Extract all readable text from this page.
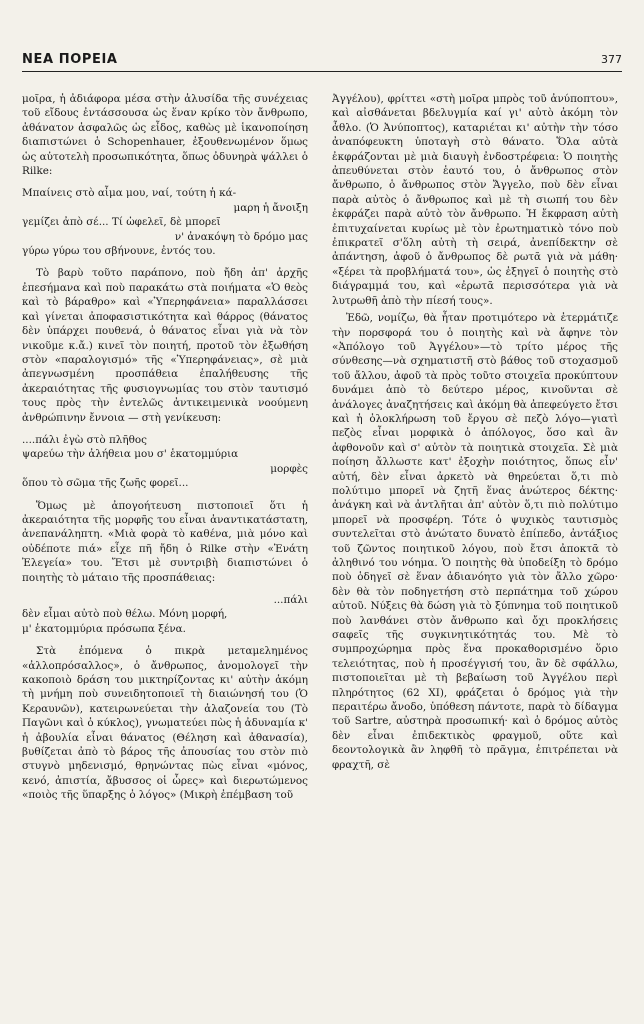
ΝΕΑ ΠΟΡΕΙΑ	377

μοῖρα, ἡ ἀδιάφορα μέσα στὴν ἁλυσίδα τῆς συνέχειας τοῦ εἴδους ἐντάσσουσα ὡς ἕναν κρίκο τὸν ἄνθρωπο, ἀθάνατον ἀσφαλῶς ὡς εἶδος, καθὼς μὲ ἱκανοποίηση διαπιστώνει ὁ Schopenhauer, ἐξουθενωμένον ὅμως ὡς αὐτοτελὴ προσωπικότητα, ὅπως ὀδυνηρὰ ψάλλει ὁ Rilke:

Μπαίνεις στὸ αἷμα μου, ναί, τούτη ἡ κά-

μαρη ἡ ἄνοιξη

γεμίζει ἀπὸ σέ... Τί ὠφελεῖ, δὲ μπορεῖ

ν' ἀνακόψη τὸ δρόμο μας

γύρω γύρω του σβήνουνε, ἐντός του.

Τὸ βαρὺ τοῦτο παράπονο, ποὺ ἤδη ἀπ' ἀρχῆς ἐπεσήμανα καὶ ποὺ παρακάτω στὰ ποιήματα «Ὁ θεὸς καὶ τὸ βάραθρο» καὶ «Ὑπερηφάνεια» παραλλάσσει καὶ γίνεται ἀποφασιστικότητα καὶ θάρρος (θάνατος δὲν ὑπάρχει πουθενά, ὁ θάνατος εἶναι γιὰ νὰ τὸν νικοῦμε κ.ἄ.) κινεῖ τὸν ποιητή, προτοῦ τὸν ἐξωθήση στὸν «παραλογισμό» τῆς «Ὑπερηφάνειας», σὲ μιὰ ἀπεγνωσμένη προσπάθεια ἐπαλήθευσης τῆς ἀκεραιότητας τῆς φυσιογνωμίας του στὸν ταυτισμό τους πρὸς τὴν ἐντελῶς ἀντικειμενικὰ νοούμενη ἀνθρώπινην ἔννοια — στὴ γενίκευση:

....πάλι ἐγὼ στὸ πλῆθος

ψαρεύω τὴν ἀλήθεια μου σ' ἑκατομμύρια

μορφὲς

ὅπου τὸ σῶμα τῆς ζωῆς φορεῖ...

Ὅμως μὲ ἀπογοήτευση πιστοποιεῖ ὅτι ἡ ἀκεραιότητα τῆς μορφῆς του εἶναι ἀναντικατάστατη, ἀνεπανάληπτη. «Μιὰ φορὰ τὸ καθένα, μιὰ μόνο καὶ οὐδέποτε πιά» εἶχε πῆ ἤδη ὁ Rilke στὴν «Ἐνάτη Ἐλεγεία» του. Ἔτσι μὲ συντριβὴ διαπιστώνει ὁ ποιητὴς τὸ μάταιο τῆς προσπάθειας:

...πάλι

δὲν εἶμαι αὐτὸ ποὺ θέλω. Μόνη μορφή,

μ' ἑκατομμύρια πρόσωπα ξένα.

Στὰ ἑπόμενα ὁ πικρὰ μεταμελημένος «ἀλλοπρόσαλλος», ὁ ἄνθρωπος, ἀνομολογεῖ τὴν κακοποιὸ δράση του μικτηρίζοντας κι' αὐτὴν ἀκόμη τὴ μνήμη ποὺ συνειδητοποιεῖ τὴ διαιώνησή του (Ὁ Κεραυνῶν), κατειρωνεύεται τὴν ἀλαζονεία του (Τὸ Παγῶνι καὶ ὁ κύκλος), γνωματεύει πὼς ἡ ἀδυναμία κ' ἡ ἀβουλία εἶναι θάνατος (Θέληση καὶ ἀθανασία), βυθίζεται ἀπὸ τὸ βάρος τῆς ἀπουσίας του στὸν πιὸ στυγνὸ μηδενισμό, θρηνώντας πὼς εἶναι «μόνος, κενό, ἀπιστία, ἄβυσσος οἱ ὧρες» καὶ διερωτώμενος «ποιὸς τῆς ὕπαρξης ὁ λόγος» (Μικρὴ ἐπέμβαση τοῦ

Ἀγγέλου), φρίττει «στὴ μοῖρα μπρὸς τοῦ ἀνύποπτου», καὶ αἰσθάνεται βδελυγμία καί γι' αὐτὸ ἀκόμη τὸν ἆθλο. (Ὁ Ἀνύποπτος), καταριέται κι' αὐτὴν τὴν τόσο ἀναπόφευκτη ὑποταγὴ στὸ θάνατο. Ὅλα αὐτὰ ἐκφράζονται μὲ μιὰ διαυγὴ ἐνδοστρέφεια: Ὁ ποιητὴς ἀπευθύνεται στὸν ἑαυτό του, ὁ ἄνθρωπος στὸν ἄνθρωπο, ὁ ἄνθρωπος στὸν Ἄγγελο, ποὺ δὲν εἶναι παρὰ αὐτὸς ὁ ἄνθρωπος καὶ μὲ τὴ σιωπή του δὲν ἐκφράζει παρὰ αὐτὸ τὸν ἄνθρωπο. Ἡ ἔκφραση αὐτὴ ἐπιτυχαίνεται κυρίως μὲ τὸν ἐρωτηματικὸ τόνο ποὺ ἐπικρατεῖ σ'ὅλη αὐτὴ τὴ σειρά, ἀνεπίδεκτην σὲ ἀπάντηση, ἀφοῦ ὁ ἄνθρωπος δὲ ρωτᾶ γιὰ νὰ μάθη· «ξέρει τὰ προβλήματά του», ὡς ἐξηγεῖ ὁ ποιητὴς στὸ διάγραμμά του, καὶ «ἐρωτᾶ περισσότερα γιὰ νὰ λυτρωθῆ ἀπὸ τὴν πίεσή τους».

Ἐδῶ, νομίζω, θὰ ἦταν προτιμότερο νὰ ἐτερμάτιζε τὴν πορσφορά του ὁ ποιητὴς καὶ νὰ ἄφηνε τὸν «Ἀπόλογο τοῦ Ἀγγέλου»—τὸ τρίτο μέρος τῆς σύνθεσης—νὰ σχηματιστῆ στὸ βάθος τοῦ στοχασμοῦ τοῦ ἄλλου, ἀφοῦ τὰ πρὸς τοῦτο στοιχεῖα προκύπτουν δυνάμει ἀπὸ τὸ δεύτερο μέρος, κινοῦνται σὲ ἀνάλογες ἀναζητήσεις καὶ ἀκόμη θὰ ἀπεφεύγετο ἔτσι καὶ ἡ ὁλοκλήρωση τοῦ ἔργου σὲ πεζὸ λόγο—γιατὶ πεζὸς εἶναι μορφικὰ ὁ ἀπόλογος, ὅσο καὶ ἂν ἀφθονοῦν καὶ σ' αὐτὸν τὰ ποιητικὰ στοιχεῖα. Σὲ μιὰ ποίηση ἄλλωστε κατ' ἐξοχὴν ποιότητος, ὅπως εἶν' αὐτή, δὲν εἶναι ἀρκετὸ νὰ θηρεύεται ὅ,τι πιὸ πολύτιμο μπορεῖ νὰ ζητῆ ἕνας ἀνώτερος δέκτης· ἀνάγκη καὶ νὰ ἀντλῆται ἀπ' αὐτὸν ὅ,τι πιὸ πολύτιμο μπορεῖ νὰ προσφέρη. Τότε ὁ ψυχικὸς ταυτισμὸς συντελεῖται στὸ ἀνώτατο δυνατὸ ἐπίπεδο, ἀντάξιος τοῦ ζῶντος ποιητικοῦ λόγου, ποὺ ἔτσι ἀποκτᾶ τὸ ἀληθινό του νόημα. Ὁ ποιητὴς θὰ ὑποδείξη τὸ δρόμο ποὺ ὁδηγεῖ σὲ ἕναν ἀδιανόητο γιὰ τὸν ἄλλο χῶρο· δὲν θὰ τὸν ποδηγετήση στὸ περπάτημα τοῦ χώρου αὐτοῦ. Νύξεις θὰ δώση γιὰ τὸ ξύπνημα τοῦ ποιητικοῦ ποὺ λανθάνει στὸν ἄνθρωπο καὶ ὄχι προκλήσεις σαφεῖς τῆς συγκινητικότητάς του. Μὲ τὸ συμπροχώρημα πρὸς ἕνα προκαθορισμένο ὅριο τελειότητας, ποὺ ἡ προσέγγισή του, ἂν δὲ σφάλλω, πιστοποιεῖται μὲ τὴ βεβαίωση τοῦ Ἀγγέλου περὶ πληρότητος (62 ΧΙ), φράζεται ὁ δρόμος γιὰ τὴν περαιτέρω ἄνοδο, ὑπόθεση πάντοτε, παρὰ τὸ δίδαγμα τοῦ Sartre, αὐστηρὰ προσωπική· καὶ ὁ δρόμος αὐτὸς δὲν εἶναι ἐπιδεκτικὸς φραγμοῦ, οὔτε καὶ δεοντολογικὰ ἂν ληφθῆ τὸ πρᾶγμα, ἐπιτρέπεται νὰ φραχτῆ, σὲ
